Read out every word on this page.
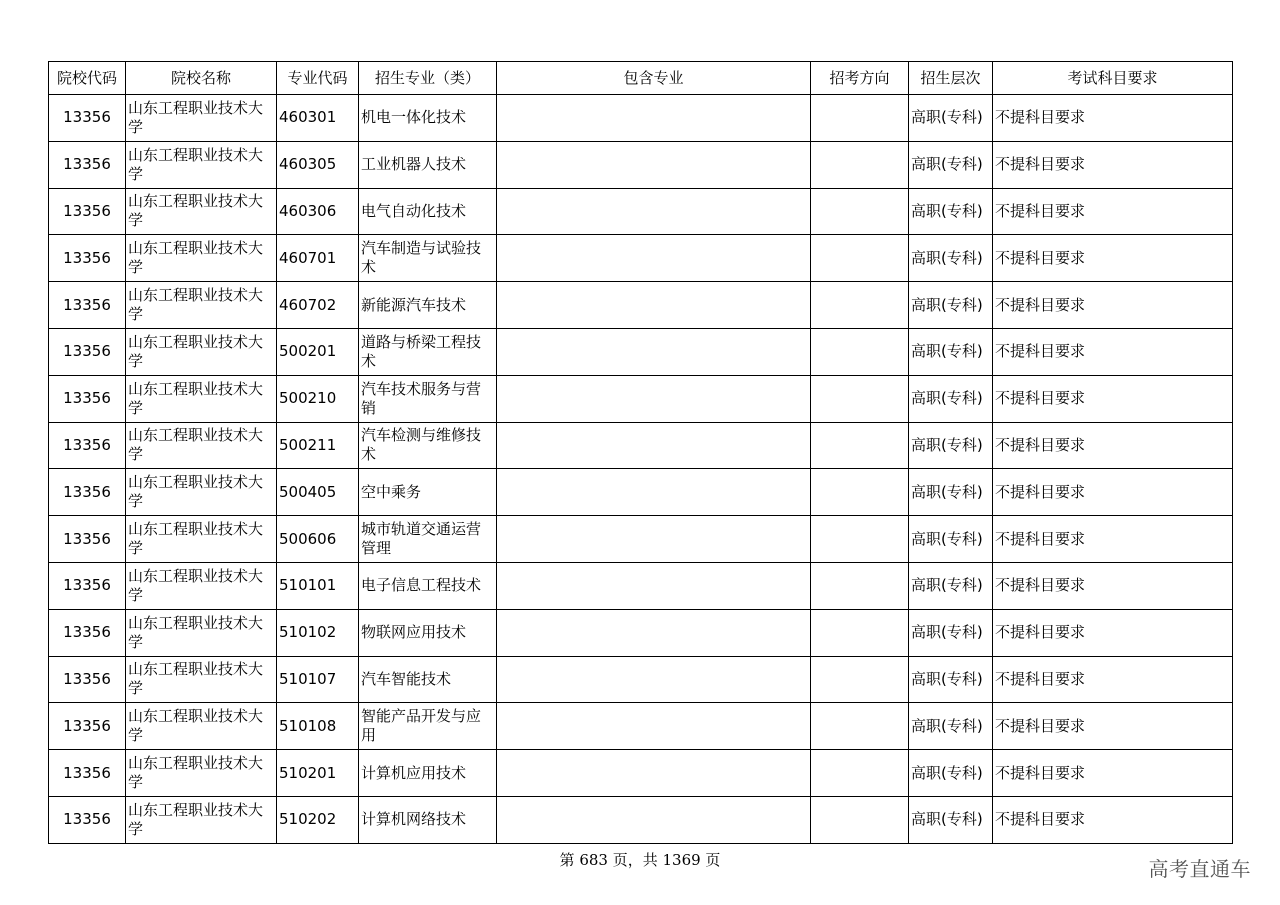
院校代码	院校名称	专业代码	招生专业（类）	包含专业	招考方向	招生层次	考试科目要求
13356	山东工程职业技术大学	460301	机电一体化技术			高职(专科)	不提科目要求
13356	山东工程职业技术大学	460305	工业机器人技术			高职(专科)	不提科目要求
13356	山东工程职业技术大学	460306	电气自动化技术			高职(专科)	不提科目要求
13356	山东工程职业技术大学	460701	汽车制造与试验技术			高职(专科)	不提科目要求
13356	山东工程职业技术大学	460702	新能源汽车技术			高职(专科)	不提科目要求
13356	山东工程职业技术大学	500201	道路与桥梁工程技术			高职(专科)	不提科目要求
13356	山东工程职业技术大学	500210	汽车技术服务与营销			高职(专科)	不提科目要求
13356	山东工程职业技术大学	500211	汽车检测与维修技术			高职(专科)	不提科目要求
13356	山东工程职业技术大学	500405	空中乘务			高职(专科)	不提科目要求
13356	山东工程职业技术大学	500606	城市轨道交通运营管理			高职(专科)	不提科目要求
13356	山东工程职业技术大学	510101	电子信息工程技术			高职(专科)	不提科目要求
13356	山东工程职业技术大学	510102	物联网应用技术			高职(专科)	不提科目要求
13356	山东工程职业技术大学	510107	汽车智能技术			高职(专科)	不提科目要求
13356	山东工程职业技术大学	510108	智能产品开发与应用			高职(专科)	不提科目要求
13356	山东工程职业技术大学	510201	计算机应用技术			高职(专科)	不提科目要求
13356	山东工程职业技术大学	510202	计算机网络技术			高职(专科)	不提科目要求
第 683 页，共 1369 页	高考直通车
